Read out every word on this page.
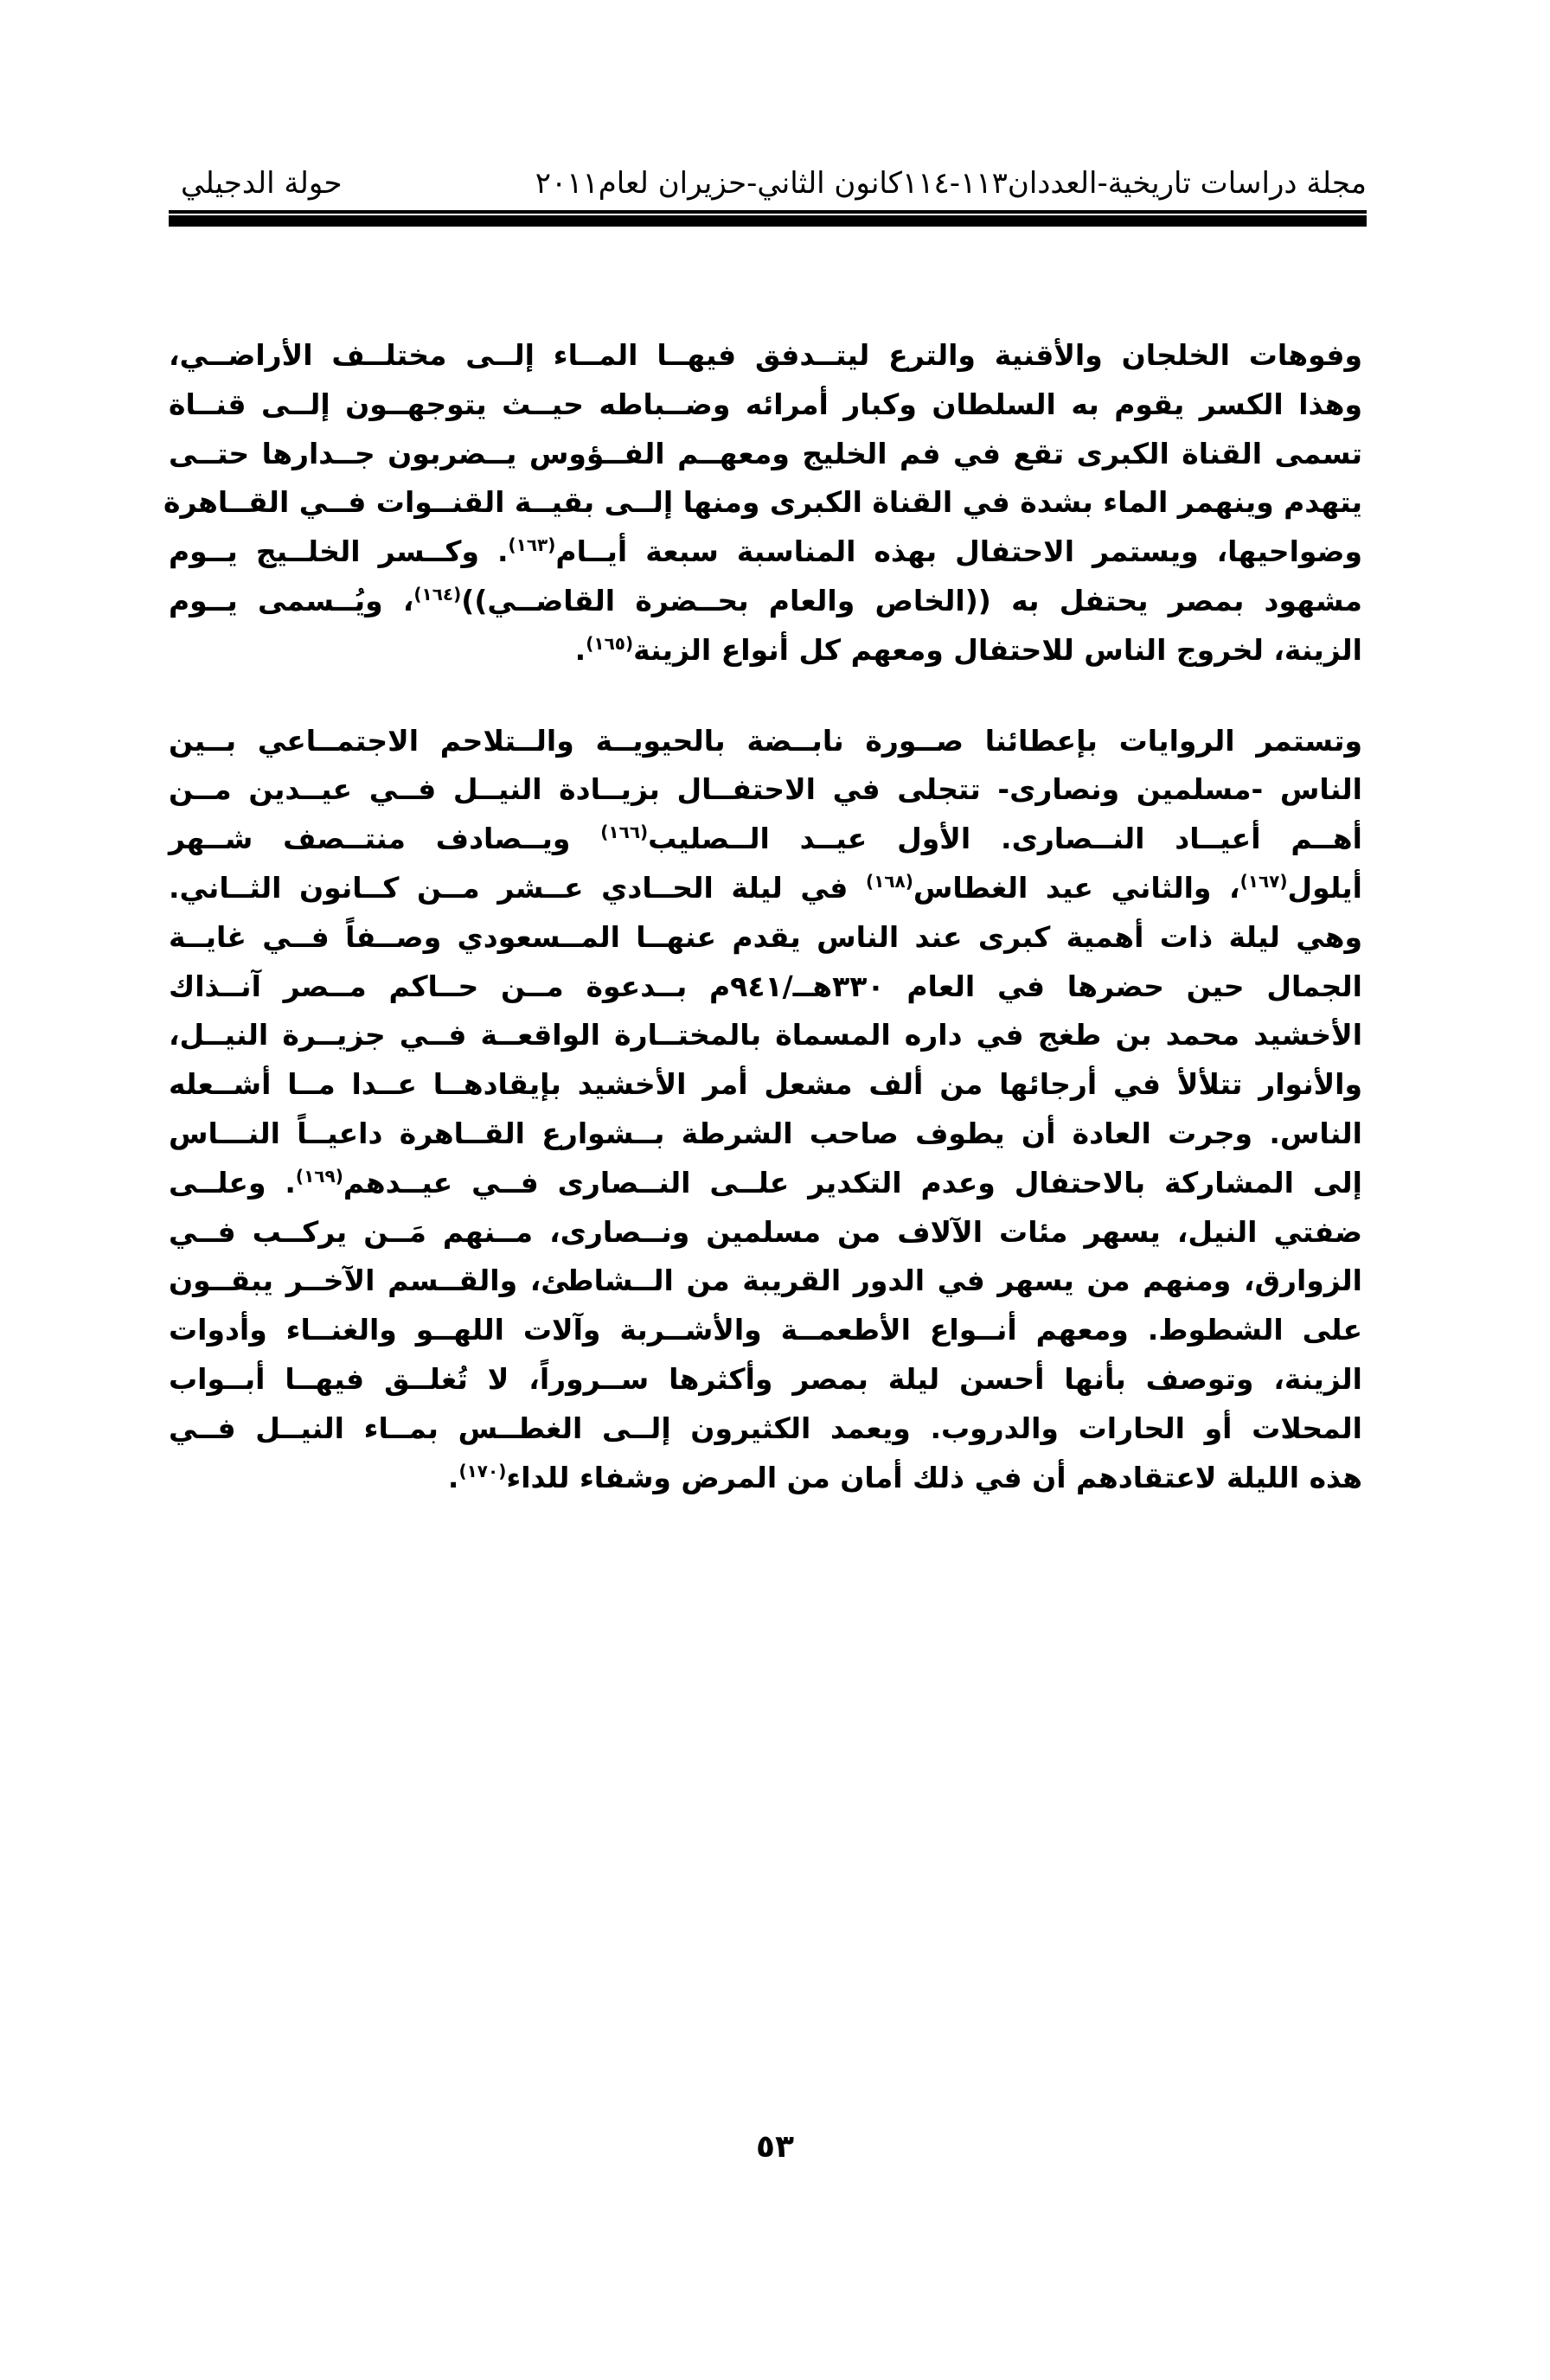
مجلة دراسات تاريخية-العددان١١٣-١١٤كانون الثاني-حزيران لعام٢٠١١
حولة الدجيلي
وفوهات الخلجان والأقنية والترع ليتــدفق فيهــا المــاء إلــى مختلــف الأراضــي،
وهذا الكسر يقوم به السلطان وكبار أمرائه وضــباطه حيــث يتوجهــون إلــى قنــاة
تسمى القناة الكبرى تقع في فم الخليج ومعهــم الفــؤوس يــضربون جــدارها حتــى
يتهدم وينهمر الماء بشدة في القناة الكبرى ومنها إلــى بقيــة القنــوات فــي القــاهرة
وضواحيها، ويستمر الاحتفال بهذه المناسبة سبعة أيــام$^{(١٦٣)}$. وكــسر الخلــيج يــوم
مشهود بمصر يحتفل به ((الخاص والعام بحــضرة القاضــي))$^{(١٦٤)}$، ويُــسمى يــوم
الزينة، لخروج الناس للاحتفال ومعهم كل أنواع الزينة$^{(١٦٥)}$.
وتستمر الروايات بإعطائنا صــورة نابــضة بالحيويــة والــتلاحم الاجتمــاعي بــين
الناس -مسلمين ونصارى- تتجلى في الاحتفــال بزيــادة النيــل فــي عيــدين مــن
أهــم أعيــاد النــصارى. الأول عيــد الــصليب$^{(١٦٦)}$ ويــصادف منتــصف شــهر
أيلول$^{(١٦٧)}$، والثاني عيد الغطاس$^{(١٦٨)}$ في ليلة الحــادي عــشر مــن كــانون الثــاني.
وهي ليلة ذات أهمية كبرى عند الناس يقدم عنهــا المــسعودي وصــفاً فــي غايــة
الجمال حين حضرها في العام ٣٣٠هــ/٩٤١م بــدعوة مــن حــاكم مــصر آنــذاك
الأخشيد محمد بن طغج في داره المسماة بالمختــارة الواقعــة فــي جزيــرة النيــل،
والأنوار تتلألأ في أرجائها من ألف مشعل أمر الأخشيد بإيقادهــا عــدا مــا أشــعله
الناس. وجرت العادة أن يطوف صاحب الشرطة بــشوارع القــاهرة داعيــاً النـــاس
إلى المشاركة بالاحتفال وعدم التكدير علــى النــصارى فــي عيــدهم$^{(١٦٩)}$. وعلــى
ضفتي النيل، يسهر مئات الآلاف من مسلمين ونــصارى، مــنهم مَــن يركــب فــي
الزوارق، ومنهم من يسهر في الدور القريبة من الــشاطئ، والقــسم الآخــر يبقــون
على الشطوط. ومعهم أنــواع الأطعمــة والأشــربة وآلات اللهــو والغنــاء وأدوات
الزينة، وتوصف بأنها أحسن ليلة بمصر وأكثرها ســروراً، لا تُغلــق فيهــا أبــواب
المحلات أو الحارات والدروب. ويعمد الكثيرون إلــى الغطــس بمــاء النيــل فــي
هذه الليلة لاعتقادهم أن في ذلك أمان من المرض وشفاء للداء$^{(١٧٠)}$.
٥٣
